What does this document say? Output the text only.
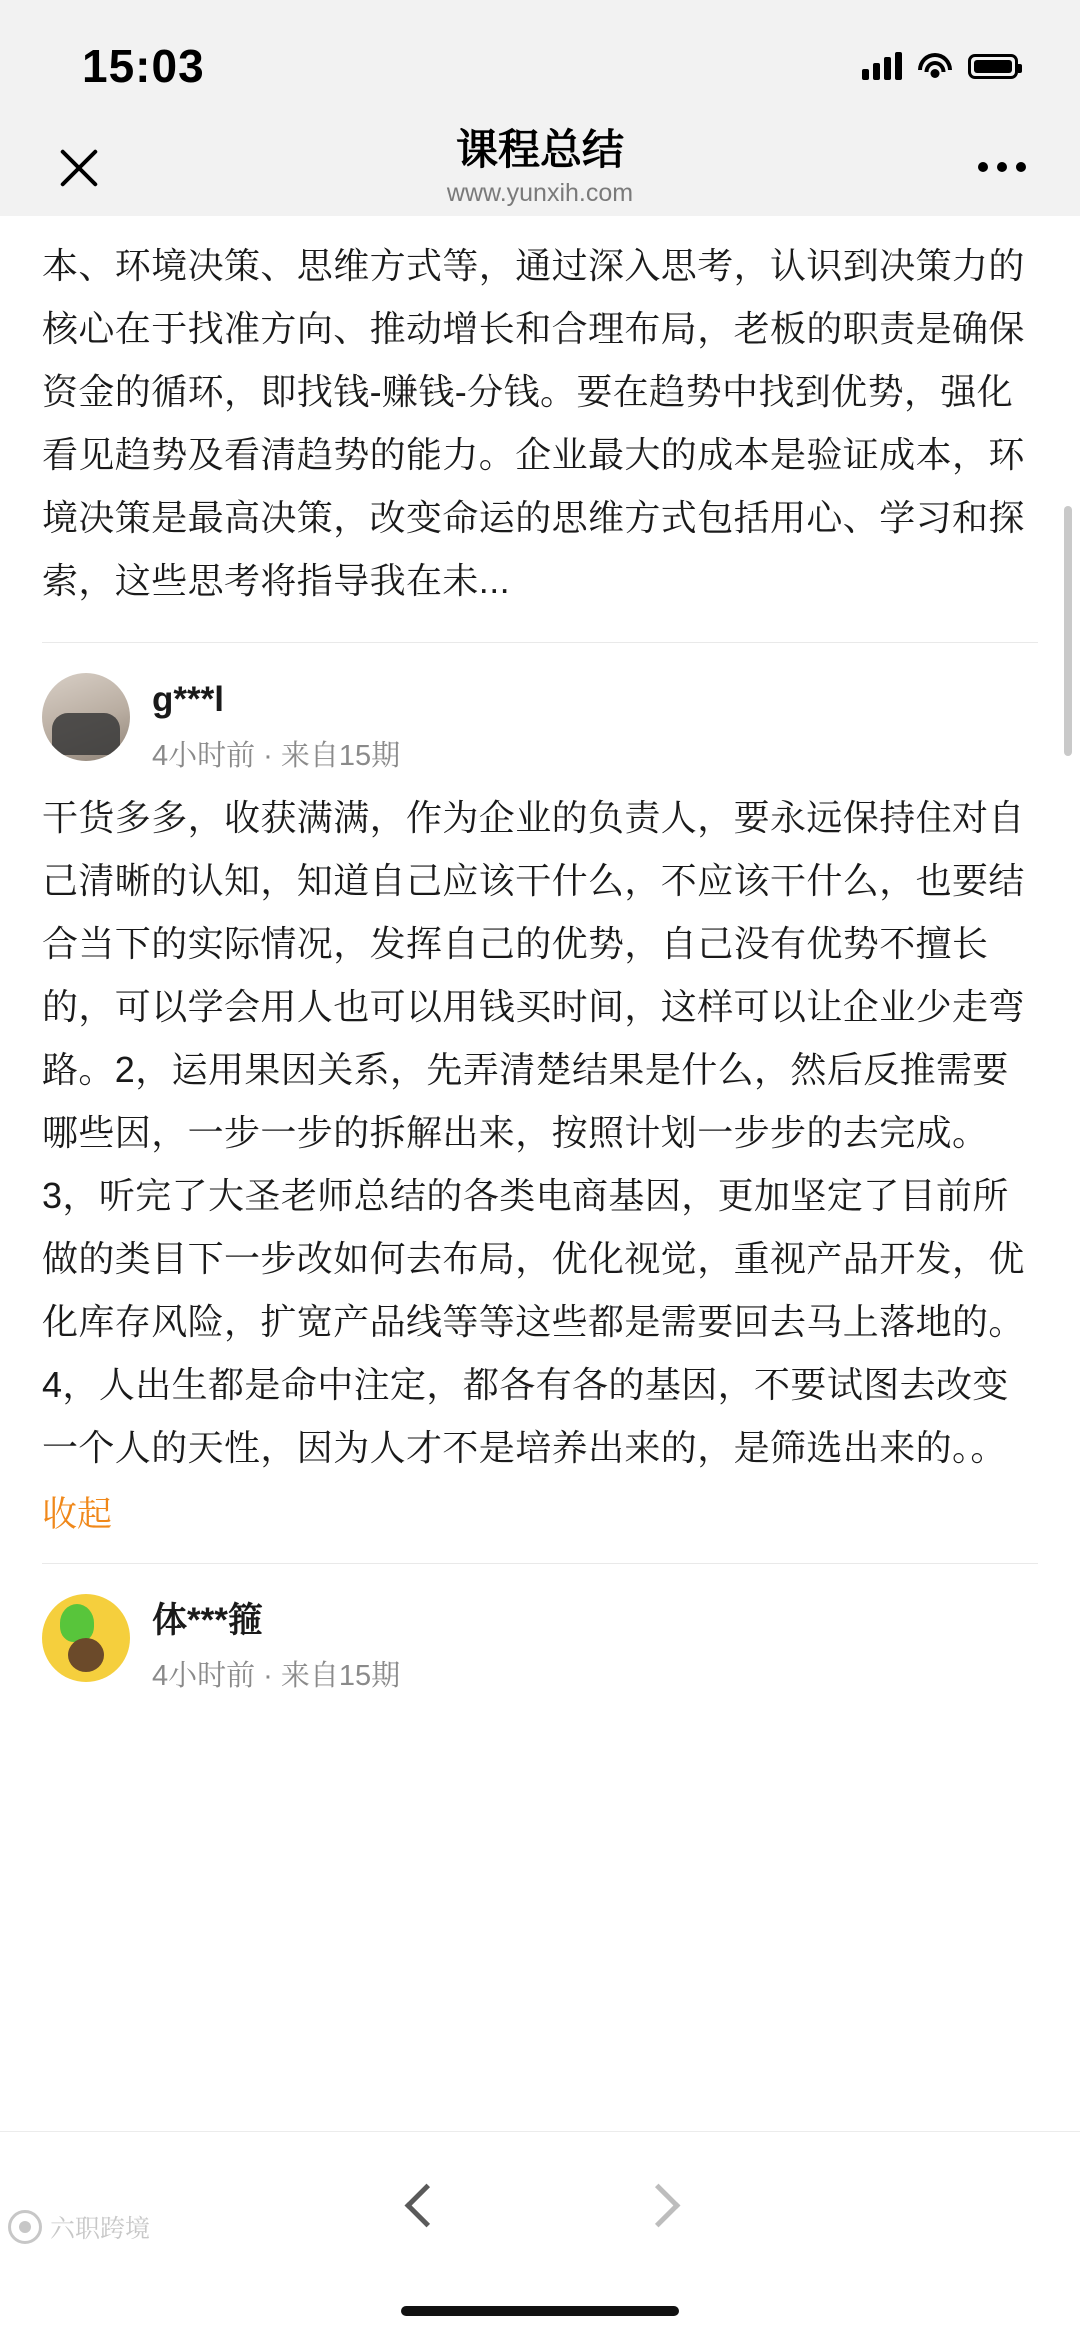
15:03
课程总结
www.yunxih.com
本、环境决策、思维方式等，通过深入思考，认识到决策力的核心在于找准方向、推动增长和合理布局，老板的职责是确保资金的循环，即找钱-赚钱-分钱。要在趋势中找到优势，强化看见趋势及看清趋势的能力。企业最大的成本是验证成本，环境决策是最高决策，改变命运的思维方式包括用心、学习和探索，这些思考将指导我在未...
g***l
4小时前 · 来自15期
干货多多，收获满满，作为企业的负责人，要永远保持住对自己清晰的认知，知道自己应该干什么，不应该干什么，也要结合当下的实际情况，发挥自己的优势，自己没有优势不擅长的，可以学会用人也可以用钱买时间，这样可以让企业少走弯路。2，运用果因关系，先弄清楚结果是什么，然后反推需要哪些因，一步一步的拆解出来，按照计划一步步的去完成。3，听完了大圣老师总结的各类电商基因，更加坚定了目前所做的类目下一步改如何去布局，优化视觉，重视产品开发，优化库存风险，扩宽产品线等等这些都是需要回去马上落地的。4，人出生都是命中注定，都各有各的基因，不要试图去改变一个人的天性，因为人才不是培养出来的，是筛选出来的。。
收起
体***箍
4小时前 · 来自15期
六职跨境
